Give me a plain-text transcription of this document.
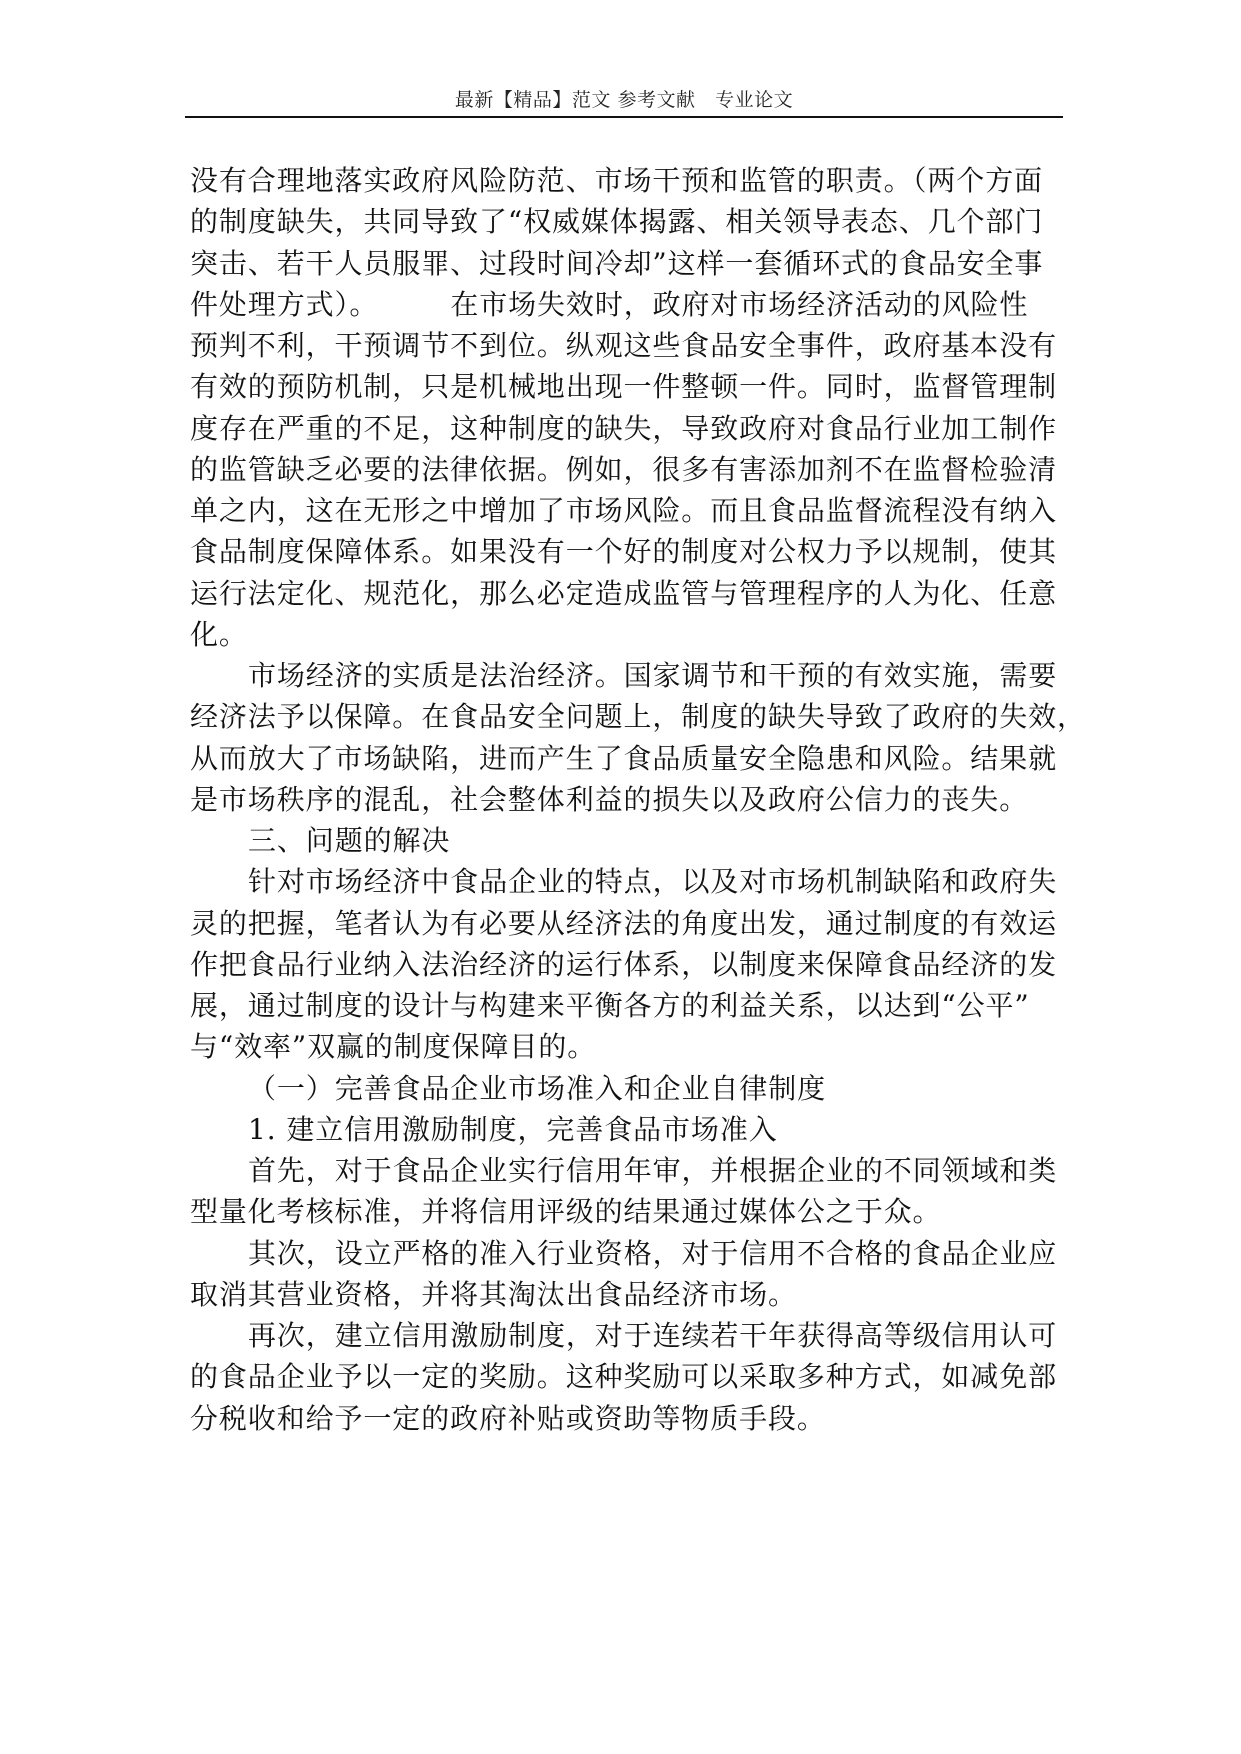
最新【精品】范文 参考文献   专业论文
没有合理地落实政府风险防范、市场干预和监管的职责。（两个方面
的制度缺失，共同导致了“权威媒体揭露、相关领导表态、几个部门
突击、若干人员服罪、过段时间冷却”这样一套循环式的食品安全事
件处理方式）。	在市场失效时，政府对市场经济活动的风险性
预判不利，干预调节不到位。纵观这些食品安全事件，政府基本没有
有效的预防机制，只是机械地出现一件整顿一件。同时，监督管理制
度存在严重的不足，这种制度的缺失，导致政府对食品行业加工制作
的监管缺乏必要的法律依据。例如，很多有害添加剂不在监督检验清
单之内，这在无形之中增加了市场风险。而且食品监督流程没有纳入
食品制度保障体系。如果没有一个好的制度对公权力予以规制，使其
运行法定化、规范化，那么必定造成监管与管理程序的人为化、任意
化。
市场经济的实质是法治经济。国家调节和干预的有效实施，需要
经济法予以保障。在食品安全问题上，制度的缺失导致了政府的失效，
从而放大了市场缺陷，进而产生了食品质量安全隐患和风险。结果就
是市场秩序的混乱，社会整体利益的损失以及政府公信力的丧失。
三、问题的解决
针对市场经济中食品企业的特点，以及对市场机制缺陷和政府失
灵的把握，笔者认为有必要从经济法的角度出发，通过制度的有效运
作把食品行业纳入法治经济的运行体系，以制度来保障食品经济的发
展，通过制度的设计与构建来平衡各方的利益关系，以达到“公平”
与“效率”双赢的制度保障目的。
（一）完善食品企业市场准入和企业自律制度
1. 建立信用激励制度，完善食品市场准入
首先，对于食品企业实行信用年审，并根据企业的不同领域和类
型量化考核标准，并将信用评级的结果通过媒体公之于众。
其次，设立严格的准入行业资格，对于信用不合格的食品企业应
取消其营业资格，并将其淘汰出食品经济市场。
再次，建立信用激励制度，对于连续若干年获得高等级信用认可
的食品企业予以一定的奖励。这种奖励可以采取多种方式，如减免部
分税收和给予一定的政府补贴或资助等物质手段。
